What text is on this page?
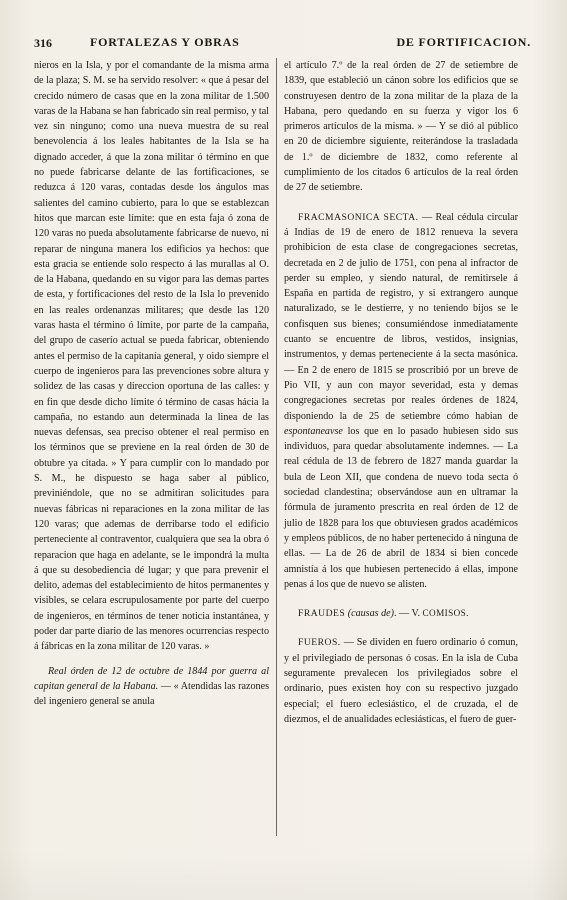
316	FORTALEZAS Y OBRAS	DE FORTIFICACION.

nieros en la Isla, y por el comandante de la misma arma de la plaza; S. M. se ha servido resolver: « que á pesar del crecido número de casas que en la zona militar de 1.500 varas de la Habana se han fabricado sin real permiso, y tal vez sin ninguno; como una nueva muestra de su real benevolencia á los leales habitantes de la Isla se ha dignado acceder, á que la zona militar ó término en que no puede fabricarse delante de las fortificaciones, se reduzca á 120 varas, contadas desde los ángulos mas salientes del camino cubierto, para lo que se establezcan hitos que marcan este límite: que en esta faja ó zona de 120 varas no pueda absolutamente fabricarse de nuevo, ni reparar de ninguna manera los edificios ya hechos: que esta gracia se entiende solo respecto á las murallas al O. de la Habana, quedando en su vigor para las demas partes de esta, y fortificaciones del resto de la Isla lo prevenido en las reales ordenanzas militares; que desde las 120 varas hasta el término ó límite, por parte de la campaña, del grupo de caserío actual se pueda fabricar, obteniendo antes el permiso de la capitanía general, y oido siempre el cuerpo de ingenieros para las prevenciones sobre altura y solidez de las casas y direccion oportuna de las calles: y en fin que desde dicho límite ó término de casas hácia la campaña, no estando aun determinada la linea de las nuevas defensas, sea preciso obtener el real permiso en los términos que se previene en la real órden de 30 de obtubre ya citada. » Y para cumplir con lo mandado por S. M., he dispuesto se haga saber al público, previniéndole, que no se admitiran solicitudes para nuevas fábricas ni reparaciones en la zona militar de las 120 varas; que ademas de derribarse todo el edificio perteneciente al contraventor, cualquiera que sea la obra ó reparacion que haga en adelante, se le impondrá la multa á que su desobediencia dé lugar; y que para prevenir el delito, ademas del establecimiento de hitos permanentes y visibles, se celara escrupulosamente por parte del cuerpo de ingenieros, en términos de tener noticia instantánea, y poder dar parte diario de las menores ocurrencias respecto á fábricas en la zona militar de 120 varas. »

Real órden de 12 de octubre de 1844 por guerra al capitan general de la Habana. — « Atendidas las razones del ingeniero general se anula

el artículo 7.º de la real órden de 27 de setiembre de 1839, que estableció un cánon sobre los edificios que se construyesen dentro de la zona militar de la plaza de la Habana, pero quedando en su fuerza y vigor los 6 primeros artículos de la misma. » — Y se dió al público en 20 de diciembre siguiente, reiterándose la trasladada de 1.º de diciembre de 1832, como referente al cumplimiento de los citados 6 artículos de la real órden de 27 de setiembre.

FRACMASONICA SECTA. — Real cédula circular á Indias de 19 de enero de 1812 renueva la severa prohibicion de esta clase de congregaciones secretas, decretada en 2 de julio de 1751, con pena al infractor de perder su empleo, y siendo natural, de remitirsele á España en partida de registro, y si extrangero aunque naturalizado, se le destierre, y no teniendo bijos se le confisquen sus bienes; consumiéndose inmediatamente cuanto se encuentre de libros, vestidos, insignias, instrumentos, y demas perteneciente á la secta masónica. — En 2 de enero de 1815 se proscribió por un breve de Pio VII, y aun con mayor severidad, esta y demas congregaciones secretas por reales órdenes de 1824, disponiendo la de 25 de setiembre cómo habian de espontaneavse los que en lo pasado hubiesen sido sus individuos, para quedar absolutamente indemnes. — La real cédula de 13 de febrero de 1827 manda guardar la bula de Leon XII, que condena de nuevo toda secta ó sociedad clandestina; observándose aun en ultramar la fórmula de juramento prescrita en real órden de 12 de julio de 1828 para los que obtuviesen grados académicos y empleos públicos, de no haber pertenecido á ninguna de ellas. — La de 26 de abril de 1834 si bien concede amnistía á los que hubiesen pertenecido á ellas, impone penas á los que de nuevo se alisten.

FRAUDES (causas de). — V. COMISOS.

FUEROS. — Se dividen en fuero ordinario ó comun, y el privilegiado de personas ó cosas. En la isla de Cuba seguramente prevalecen los privilegiados sobre el ordinario, pues existen hoy con su respectivo juzgado especial; el fuero eclesiástico, el de cruzada, el de diezmos, el de anualidades eclesiásticas, el fuero de guer-
